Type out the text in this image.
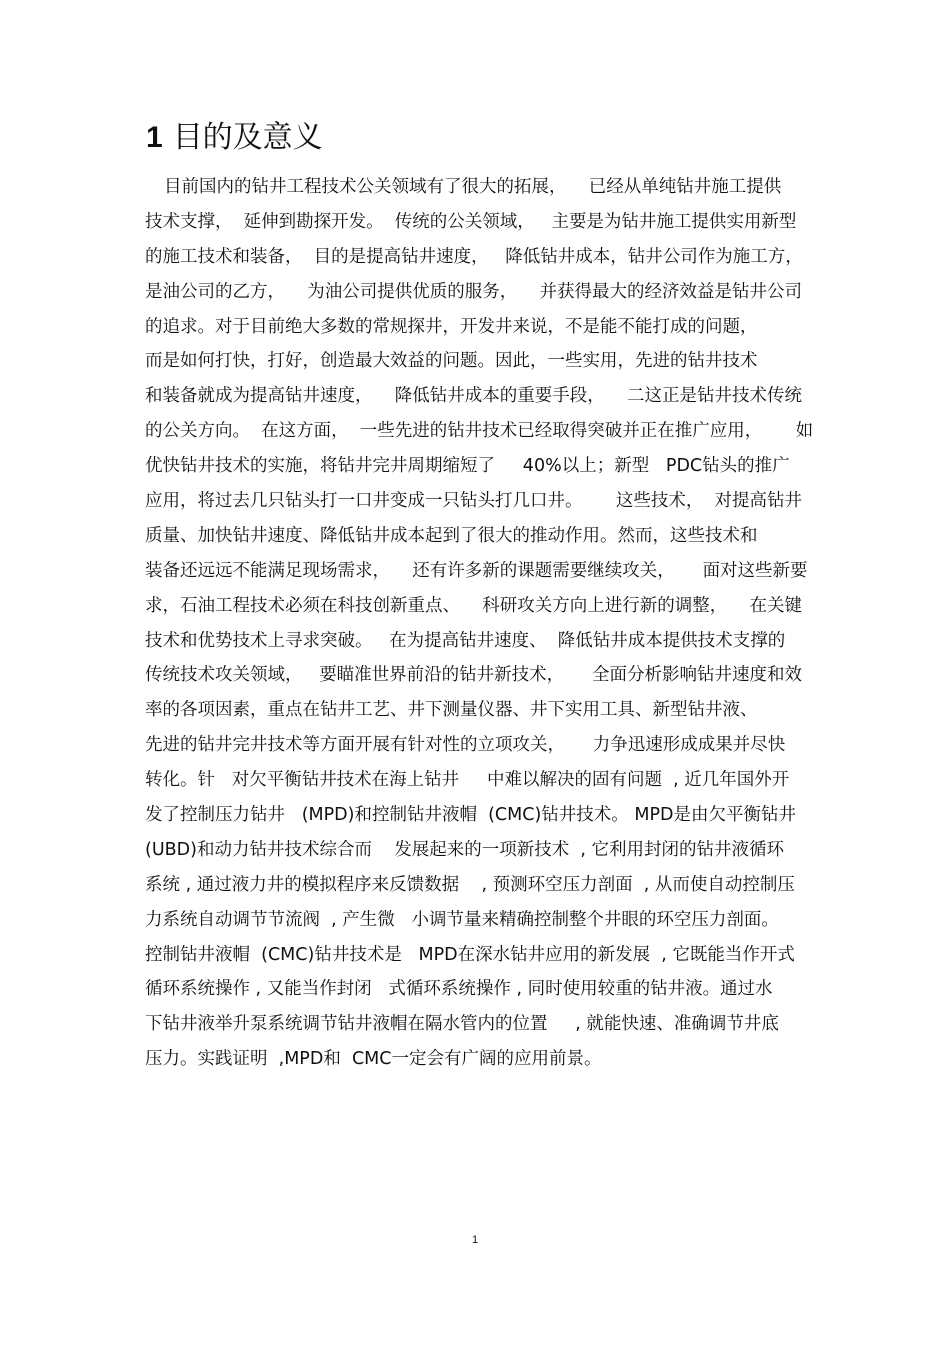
1 目的及意义
目前国内的钻井工程技术公关领域有了很大的拓展，    已经从单纯钻井施工提供
技术支撑，  延伸到勘探开发。  传统的公关领域，   主要是为钻井施工提供实用新型
的施工技术和装备，  目的是提高钻井速度，   降低钻井成本，钻井公司作为施工方，
是油公司的乙方，    为油公司提供优质的服务，    并获得最大的经济效益是钻井公司
的追求。对于目前绝大多数的常规探井，开发井来说，不是能不能打成的问题，
而是如何打快，打好，创造最大效益的问题。因此，一些实用，先进的钻井技术
和装备就成为提高钻井速度，    降低钻井成本的重要手段，    二这正是钻井技术传统
的公关方向。  在这方面，  一些先进的钻井技术已经取得突破并正在推广应用，      如
优快钻井技术的实施，将钻井完井周期缩短了     40%以上；新型   PDC钻头的推广
应用，将过去几只钻头打一口井变成一只钻头打几口井。      这些技术，  对提高钻井
质量、加快钻井速度、降低钻井成本起到了很大的推动作用。然而，这些技术和
装备还远远不能满足现场需求，    还有许多新的课题需要继续攻关，     面对这些新要
求，石油工程技术必须在科技创新重点、    科研攻关方向上进行新的调整，    在关键
技术和优势技术上寻求突破。   在为提高钻井速度、  降低钻井成本提供技术支撑的
传统技术攻关领域，   要瞄准世界前沿的钻井新技术，     全面分析影响钻井速度和效
率的各项因素，重点在钻井工艺、井下测量仪器、井下实用工具、新型钻井液、
先进的钻井完井技术等方面开展有针对性的立项攻关，     力争迅速形成成果并尽快
转化。针   对欠平衡钻井技术在海上钻井     中难以解决的固有问题  , 近几年国外开
发了控制压力钻井   (MPD)和控制钻井液帽  (CMC)钻井技术。 MPD是由欠平衡钻井
(UBD)和动力钻井技术综合而    发展起来的一项新技术  , 它利用封闭的钻井液循环
系统 , 通过液力井的模拟程序来反馈数据    , 预测环空压力剖面  , 从而使自动控制压
力系统自动调节节流阀  , 产生微   小调节量来精确控制整个井眼的环空压力剖面。
控制钻井液帽  (CMC)钻井技术是   MPD在深水钻井应用的新发展  , 它既能当作开式
循环系统操作 , 又能当作封闭   式循环系统操作 , 同时使用较重的钻井液。通过水
下钻井液举升泵系统调节钻井液帽在隔水管内的位置     , 就能快速、准确调节井底
压力。实践证明  ,MPD和  CMC一定会有广阔的应用前景。
1
